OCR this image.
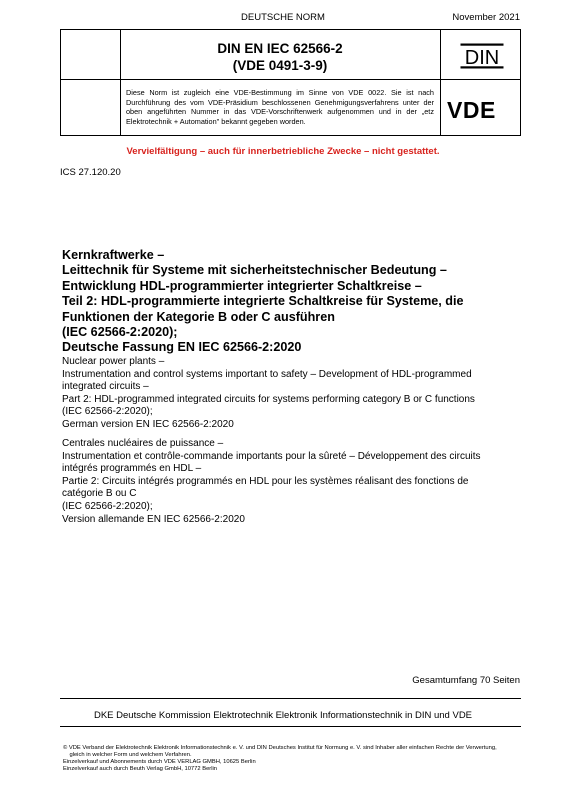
DEUTSCHE NORM	November 2021
DIN EN IEC 62566-2
(VDE 0491-3-9)
Diese Norm ist zugleich eine VDE-Bestimmung im Sinne von VDE 0022. Sie ist nach Durchführung des vom VDE-Präsidium beschlossenen Genehmigungsverfahrens unter der oben angeführten Nummer in das VDE-Vorschriftenwerk aufgenommen und in der „etz Elektrotechnik + Automation" bekannt gegeben worden.
DIN
VDE
Vervielfältigung – auch für innerbetriebliche Zwecke – nicht gestattet.
ICS 27.120.20
Kernkraftwerke –
Leittechnik für Systeme mit sicherheitstechnischer Bedeutung –
Entwicklung HDL-programmierter integrierter Schaltkreise –
Teil 2: HDL-programmierte integrierte Schaltkreise für Systeme, die
Funktionen der Kategorie B oder C ausführen
(IEC 62566-2:2020);
Deutsche Fassung EN IEC 62566-2:2020
Nuclear power plants –
Instrumentation and control systems important to safety – Development of HDL-programmed
integrated circuits –
Part 2: HDL-programmed integrated circuits for systems performing category B or C functions
(IEC 62566-2:2020);
German version EN IEC 62566-2:2020
Centrales nucléaires de puissance –
Instrumentation et contrôle-commande importants pour la sûreté – Développement des circuits
intégrés programmés en HDL –
Partie 2: Circuits intégrés programmés en HDL pour les systèmes réalisant des fonctions de
catégorie B ou C
(IEC 62566-2:2020);
Version allemande EN IEC 62566-2:2020
Gesamtumfang 70 Seiten
DKE Deutsche Kommission Elektrotechnik Elektronik Informationstechnik in DIN und VDE
© VDE Verband der Elektrotechnik Elektronik Informationstechnik e. V. und DIN Deutsches Institut für Normung e. V. sind Inhaber aller einfachen Rechte der Verwertung,
gleich in welcher Form und welchem Verfahren.
Einzelverkauf und Abonnements durch VDE VERLAG GMBH, 10625 Berlin
Einzelverkauf auch durch Beuth Verlag GmbH, 10772 Berlin
